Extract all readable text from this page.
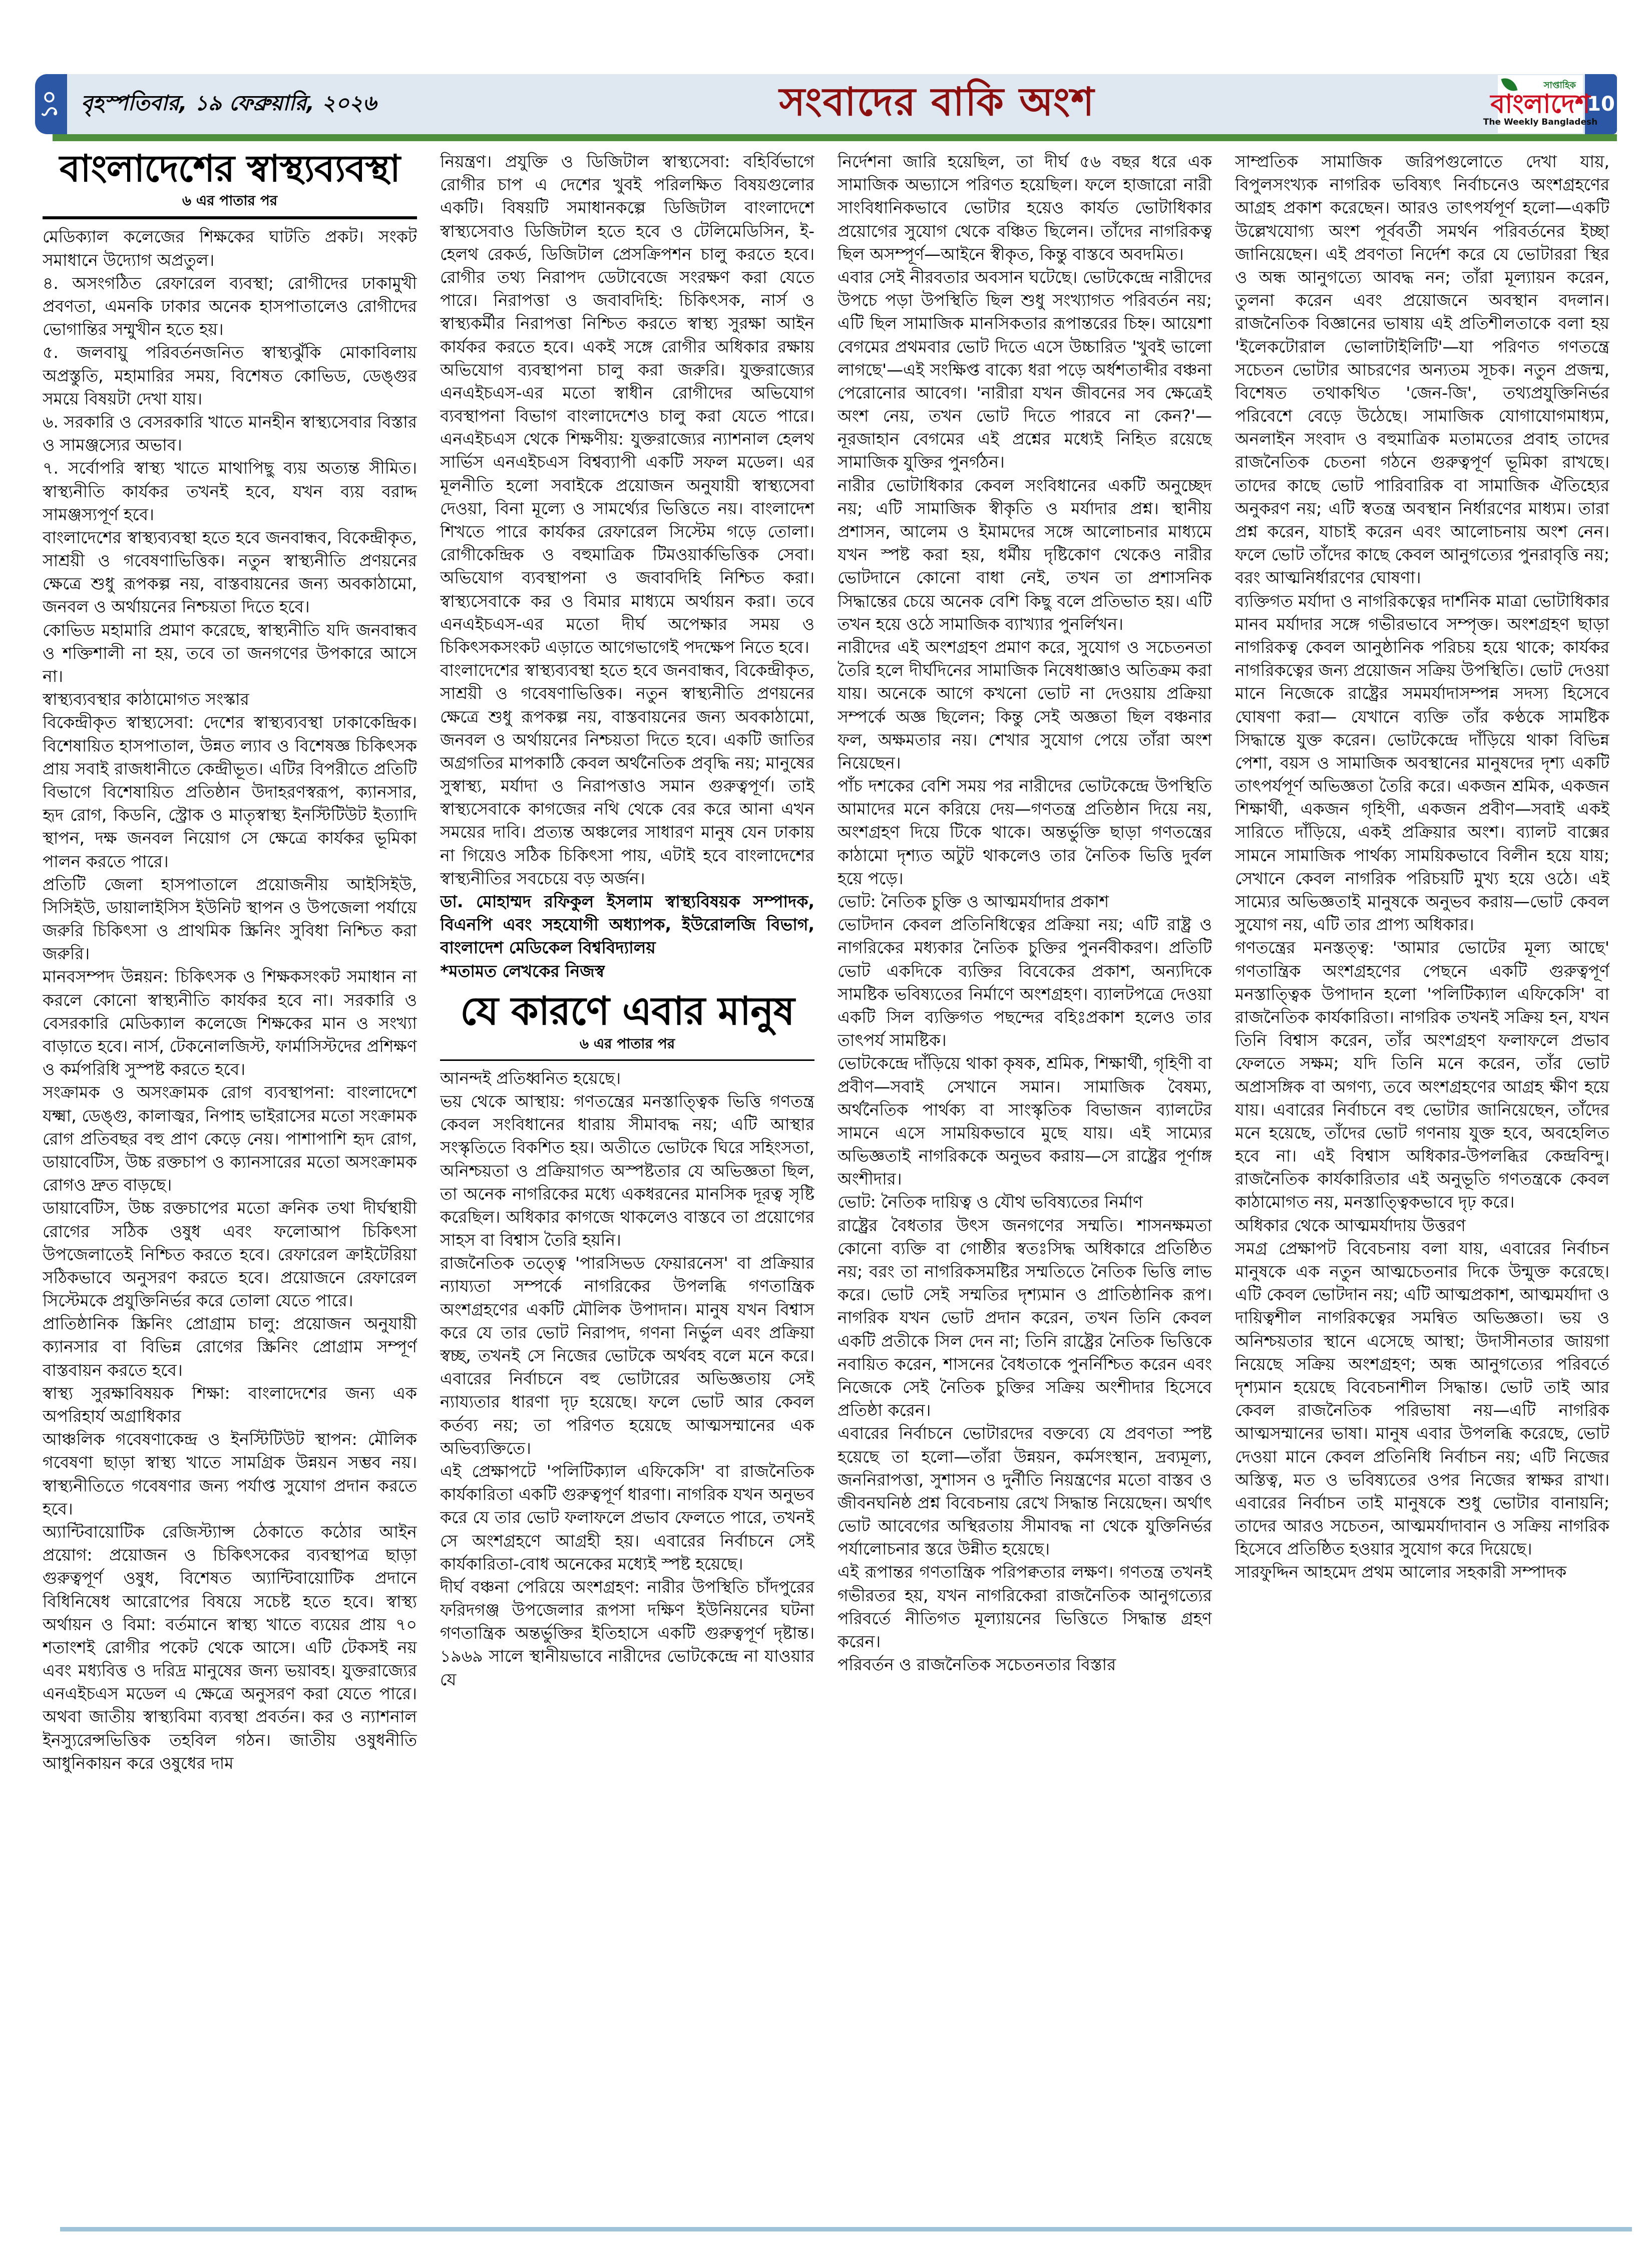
১০ বৃহস্পতিবার, ১৯ ফেব্রুয়ারি, ২০২৬	সংবাদের বাকি অংশ	সাপ্তাহিক
বাংলাদেশ
The Weekly Bangladesh
10
বাংলাদেশের স্বাস্থ্যব্যবস্থা
৬ এর পাতার পর

মেডিক্যাল কলেজের শিক্ষকের ঘাটতি প্রকট। সংকট সমাধানে উদ্যোগ অপ্রতুল।

৪. অসংগঠিত রেফারেল ব্যবস্থা; রোগীদের ঢাকামুখী প্রবণতা, এমনকি ঢাকার অনেক হাসপাতালেও রোগীদের ভোগান্তির সম্মুখীন হতে হয়।

৫. জলবায়ু পরিবর্তনজনিত স্বাস্থ্যঝুঁকি মোকাবিলায় অপ্রস্তুতি, মহামারির সময়, বিশেষত কোভিড, ডেঙ্গুর সময়ে বিষয়টা দেখা যায়।

৬. সরকারি ও বেসরকারি খাতে মানহীন স্বাস্থ্যসেবার বিস্তার ও সামঞ্জস্যের অভাব।

৭. সর্বোপরি স্বাস্থ্য খাতে মাথাপিছু ব্যয় অত্যন্ত সীমিত। স্বাস্থ্যনীতি কার্যকর তখনই হবে, যখন ব্যয় বরাদ্দ সামঞ্জস্যপূর্ণ হবে।

বাংলাদেশের স্বাস্থ্যব্যবস্থা হতে হবে জনবান্ধব, বিকেন্দ্রীকৃত, সাশ্রয়ী ও গবেষণাভিত্তিক। নতুন স্বাস্থ্যনীতি প্রণয়নের ক্ষেত্রে শুধু রূপকল্প নয়, বাস্তবায়নের জন্য অবকাঠামো, জনবল ও অর্থায়নের নিশ্চয়তা দিতে হবে।

কোভিড মহামারি প্রমাণ করেছে, স্বাস্থ্যনীতি যদি জনবান্ধব ও শক্তিশালী না হয়, তবে তা জনগণের উপকারে আসে না।

স্বাস্থ্যব্যবস্থার কাঠামোগত সংস্কার

বিকেন্দ্রীকৃত স্বাস্থ্যসেবা: দেশের স্বাস্থ্যব্যবস্থা ঢাকাকেন্দ্রিক। বিশেষায়িত হাসপাতাল, উন্নত ল্যাব ও বিশেষজ্ঞ চিকিৎসক প্রায় সবাই রাজধানীতে কেন্দ্রীভূত। এটির বিপরীতে প্রতিটি বিভাগে বিশেষায়িত প্রতিষ্ঠান উদাহরণস্বরূপ, ক্যানসার, হৃদ রোগ, কিডনি, স্ট্রোক ও মাতৃস্বাস্থ্য ইনস্টিটিউট ইত্যাদি স্থাপন, দক্ষ জনবল নিয়োগ সে ক্ষেত্রে কার্যকর ভূমিকা পালন করতে পারে।

প্রতিটি জেলা হাসপাতালে প্রয়োজনীয় আইসিইউ, সিসিইউ, ডায়ালাইসিস ইউনিট স্থাপন ও উপজেলা পর্যায়ে জরুরি চিকিৎসা ও প্রাথমিক স্ক্রিনিং সুবিধা নিশ্চিত করা জরুরি।

মানবসম্পদ উন্নয়ন: চিকিৎসক ও শিক্ষকসংকট সমাধান না করলে কোনো স্বাস্থ্যনীতি কার্যকর হবে না। সরকারি ও বেসরকারি মেডিক্যাল কলেজে শিক্ষকের মান ও সংখ্যা বাড়াতে হবে। নার্স, টেকনোলজিস্ট, ফার্মাসিস্টদের প্রশিক্ষণ ও কর্মপরিধি সুস্পষ্ট করতে হবে।

সংক্রামক ও অসংক্রামক রোগ ব্যবস্থাপনা: বাংলাদেশে যক্ষ্মা, ডেঙ্গু, কালাজ্বর, নিপাহ ভাইরাসের মতো সংক্রামক রোগ প্রতিবছর বহু প্রাণ কেড়ে নেয়। পাশাপাশি হৃদ রোগ, ডায়াবেটিস, উচ্চ রক্তচাপ ও ক্যানসারের মতো অসংক্রামক রোগও দ্রুত বাড়ছে।

ডায়াবেটিস, উচ্চ রক্তচাপের মতো ক্রনিক তথা দীর্ঘস্থায়ী রোগের সঠিক ওষুধ এবং ফলোআপ চিকিৎসা উপজেলাতেই নিশ্চিত করতে হবে। রেফারেল ক্রাইটেরিয়া সঠিকভাবে অনুসরণ করতে হবে। প্রয়োজনে রেফারেল সিস্টেমকে প্রযুক্তিনির্ভর করে তোলা যেতে পারে।

প্রাতিষ্ঠানিক স্ক্রিনিং প্রোগ্রাম চালু: প্রয়োজন অনুযায়ী ক্যানসার বা বিভিন্ন রোগের স্ক্রিনিং প্রোগ্রাম সম্পূর্ণ বাস্তবায়ন করতে হবে।

স্বাস্থ্য সুরক্ষাবিষয়ক শিক্ষা: বাংলাদেশের জন্য এক অপরিহার্য অগ্রাধিকার

আঞ্চলিক গবেষণাকেন্দ্র ও ইনস্টিটিউট স্থাপন: মৌলিক গবেষণা ছাড়া স্বাস্থ্য খাতে সামগ্রিক উন্নয়ন সম্ভব নয়। স্বাস্থ্যনীতিতে গবেষণার জন্য পর্যাপ্ত সুযোগ প্রদান করতে হবে।

অ্যান্টিবায়োটিক রেজিস্ট্যান্স ঠেকাতে কঠোর আইন প্রয়োগ: প্রয়োজন ও চিকিৎসকের ব্যবস্থাপত্র ছাড়া গুরুত্বপূর্ণ ওষুধ, বিশেষত অ্যান্টিবায়োটিক প্রদানে বিধিনিষেধ আরোপের বিষয়ে সচেষ্ট হতে হবে। স্বাস্থ্য অর্থায়ন ও বিমা: বর্তমানে স্বাস্থ্য খাতে ব্যয়ের প্রায় ৭০ শতাংশই রোগীর পকেট থেকে আসে। এটি টেকসই নয় এবং মধ্যবিত্ত ও দরিদ্র মানুষের জন্য ভয়াবহ। যুক্তরাজ্যের এনএইচএস মডেল এ ক্ষেত্রে অনুসরণ করা যেতে পারে। অথবা জাতীয় স্বাস্থ্যবিমা ব্যবস্থা প্রবর্তন। কর ও ন্যাশনাল ইনস্যুরেন্সভিত্তিক তহবিল গঠন। জাতীয় ওষুধনীতি আধুনিকায়ন করে ওষুধের দাম

নিয়ন্ত্রণ। প্রযুক্তি ও ডিজিটাল স্বাস্থ্যসেবা: বহির্বিভাগে রোগীর চাপ এ দেশের খুবই পরিলক্ষিত বিষয়গুলোর একটি। বিষয়টি সমাধানকল্পে ডিজিটাল বাংলাদেশে স্বাস্থ্যসেবাও ডিজিটাল হতে হবে ও টেলিমেডিসিন, ই-হেলথ রেকর্ড, ডিজিটাল প্রেসক্রিপশন চালু করতে হবে। রোগীর তথ্য নিরাপদ ডেটাবেজে সংরক্ষণ করা যেতে পারে। নিরাপত্তা ও জবাবদিহি: চিকিৎসক, নার্স ও স্বাস্থ্যকর্মীর নিরাপত্তা নিশ্চিত করতে স্বাস্থ্য সুরক্ষা আইন কার্যকর করতে হবে। একই সঙ্গে রোগীর অধিকার রক্ষায় অভিযোগ ব্যবস্থাপনা চালু করা জরুরি। যুক্তরাজ্যের এনএইচএস-এর মতো স্বাধীন রোগীদের অভিযোগ ব্যবস্থাপনা বিভাগ বাংলাদেশেও চালু করা যেতে পারে। এনএইচএস থেকে শিক্ষণীয়: যুক্তরাজ্যের ন্যাশনাল হেলথ সার্ভিস এনএইচএস বিশ্বব্যাপী একটি সফল মডেল। এর মূলনীতি হলো সবাইকে প্রয়োজন অনুযায়ী স্বাস্থ্যসেবা দেওয়া, বিনা মূল্যে ও সামর্থ্যের ভিত্তিতে নয়। বাংলাদেশ শিখতে পারে কার্যকর রেফারেল সিস্টেম গড়ে তোলা। রোগীকেন্দ্রিক ও বহুমাত্রিক টিমওয়ার্কভিত্তিক সেবা। অভিযোগ ব্যবস্থাপনা ও জবাবদিহি নিশ্চিত করা। স্বাস্থ্যসেবাকে কর ও বিমার মাধ্যমে অর্থায়ন করা। তবে এনএইচএস-এর মতো দীর্ঘ অপেক্ষার সময় ও চিকিৎসকসংকট এড়াতে আগেভাগেই পদক্ষেপ নিতে হবে।

বাংলাদেশের স্বাস্থ্যব্যবস্থা হতে হবে জনবান্ধব, বিকেন্দ্রীকৃত, সাশ্রয়ী ও গবেষণাভিত্তিক। নতুন স্বাস্থ্যনীতি প্রণয়নের ক্ষেত্রে শুধু রূপকল্প নয়, বাস্তবায়নের জন্য অবকাঠামো, জনবল ও অর্থায়নের নিশ্চয়তা দিতে হবে। একটি জাতির অগ্রগতির মাপকাঠি কেবল অর্থনৈতিক প্রবৃদ্ধি নয়; মানুষের সুস্বাস্থ্য, মর্যাদা ও নিরাপত্তাও সমান গুরুত্বপূর্ণ। তাই স্বাস্থ্যসেবাকে কাগজের নথি থেকে বের করে আনা এখন সময়ের দাবি। প্রত্যন্ত অঞ্চলের সাধারণ মানুষ যেন ঢাকায় না গিয়েও সঠিক চিকিৎসা পায়, এটাই হবে বাংলাদেশের স্বাস্থ্যনীতির সবচেয়ে বড় অর্জন।

ডা. মোহাম্মদ রফিকুল ইসলাম স্বাস্থ্যবিষয়ক সম্পাদক, বিএনপি এবং সহযোগী অধ্যাপক, ইউরোলজি বিভাগ, বাংলাদেশ মেডিকেল বিশ্ববিদ্যালয়

*মতামত লেখকের নিজস্ব

যে কারণে এবার মানুষ
৬ এর পাতার পর

আনন্দই প্রতিধ্বনিত হয়েছে।

ভয় থেকে আস্থায়: গণতন্ত্রের মনস্তাত্ত্বিক ভিত্তি গণতন্ত্র কেবল সংবিধানের ধারায় সীমাবদ্ধ নয়; এটি আস্থার সংস্কৃতিতে বিকশিত হয়। অতীতে ভোটকে ঘিরে সহিংসতা, অনিশ্চয়তা ও প্রক্রিয়াগত অস্পষ্টতার যে অভিজ্ঞতা ছিল, তা অনেক নাগরিকের মধ্যে একধরনের মানসিক দূরত্ব সৃষ্টি করেছিল। অধিকার কাগজে থাকলেও বাস্তবে তা প্রয়োগের সাহস বা বিশ্বাস তৈরি হয়নি।

রাজনৈতিক তত্ত্বে 'পারসিভড ফেয়ারনেস' বা প্রক্রিয়ার ন্যায্যতা সম্পর্কে নাগরিকের উপলব্ধি গণতান্ত্রিক অংশগ্রহণের একটি মৌলিক উপাদান। মানুষ যখন বিশ্বাস করে যে তার ভোট নিরাপদ, গণনা নির্ভুল এবং প্রক্রিয়া স্বচ্ছ, তখনই সে নিজের ভোটকে অর্থবহ বলে মনে করে। এবারের নির্বাচনে বহু ভোটারের অভিজ্ঞতায় সেই ন্যায্যতার ধারণা দৃঢ় হয়েছে। ফলে ভোট আর কেবল কর্তব্য নয়; তা পরিণত হয়েছে আত্মসম্মানের এক অভিব্যক্তিতে।

এই প্রেক্ষাপটে 'পলিটিক্যাল এফিকেসি' বা রাজনৈতিক কার্যকারিতা একটি গুরুত্বপূর্ণ ধারণা। নাগরিক যখন অনুভব করে যে তার ভোট ফলাফলে প্রভাব ফেলতে পারে, তখনই সে অংশগ্রহণে আগ্রহী হয়। এবারের নির্বাচনে সেই কার্যকারিতা-বোধ অনেকের মধ্যেই স্পষ্ট হয়েছে।

দীর্ঘ বঞ্চনা পেরিয়ে অংশগ্রহণ: নারীর উপস্থিতি চাঁদপুরের ফরিদগঞ্জ উপজেলার রূপসা দক্ষিণ ইউনিয়নের ঘটনা গণতান্ত্রিক অন্তর্ভুক্তির ইতিহাসে একটি গুরুত্বপূর্ণ দৃষ্টান্ত। ১৯৬৯ সালে স্থানীয়ভাবে নারীদের ভোটকেন্দ্রে না যাওয়ার যে

নির্দেশনা জারি হয়েছিল, তা দীর্ঘ ৫৬ বছর ধরে এক সামাজিক অভ্যাসে পরিণত হয়েছিল। ফলে হাজারো নারী সাংবিধানিকভাবে ভোটার হয়েও কার্যত ভোটাধিকার প্রয়োগের সুযোগ থেকে বঞ্চিত ছিলেন। তাঁদের নাগরিকত্ব ছিল অসম্পূর্ণ—আইনে স্বীকৃত, কিন্তু বাস্তবে অবদমিত।

এবার সেই নীরবতার অবসান ঘটেছে। ভোটকেন্দ্রে নারীদের উপচে পড়া উপস্থিতি ছিল শুধু সংখ্যাগত পরিবর্তন নয়; এটি ছিল সামাজিক মানসিকতার রূপান্তরের চিহ্ন। আয়েশা বেগমের প্রথমবার ভোট দিতে এসে উচ্চারিত 'খুবই ভালো লাগছে'—এই সংক্ষিপ্ত বাক্যে ধরা পড়ে অর্ধশতাব্দীর বঞ্চনা পেরোনোর আবেগ। 'নারীরা যখন জীবনের সব ক্ষেত্রেই অংশ নেয়, তখন ভোট দিতে পারবে না কেন?'— নূরজাহান বেগমের এই প্রশ্নের মধ্যেই নিহিত রয়েছে সামাজিক যুক্তির পুনর্গঠন।

নারীর ভোটাধিকার কেবল সংবিধানের একটি অনুচ্ছেদ নয়; এটি সামাজিক স্বীকৃতি ও মর্যাদার প্রশ্ন। স্থানীয় প্রশাসন, আলেম ও ইমামদের সঙ্গে আলোচনার মাধ্যমে যখন স্পষ্ট করা হয়, ধর্মীয় দৃষ্টিকোণ থেকেও নারীর ভোটদানে কোনো বাধা নেই, তখন তা প্রশাসনিক সিদ্ধান্তের চেয়ে অনেক বেশি কিছু বলে প্রতিভাত হয়। এটি তখন হয়ে ওঠে সামাজিক ব্যাখ্যার পুনর্লিখন।

নারীদের এই অংশগ্রহণ প্রমাণ করে, সুযোগ ও সচেতনতা তৈরি হলে দীর্ঘদিনের সামাজিক নিষেধাজ্ঞাও অতিক্রম করা যায়। অনেকে আগে কখনো ভোট না দেওয়ায় প্রক্রিয়া সম্পর্কে অজ্ঞ ছিলেন; কিন্তু সেই অজ্ঞতা ছিল বঞ্চনার ফল, অক্ষমতার নয়। শেখার সুযোগ পেয়ে তাঁরা অংশ নিয়েছেন।

পাঁচ দশকের বেশি সময় পর নারীদের ভোটকেন্দ্রে উপস্থিতি আমাদের মনে করিয়ে দেয়—গণতন্ত্র প্রতিষ্ঠান দিয়ে নয়, অংশগ্রহণ দিয়ে টিকে থাকে। অন্তর্ভুক্তি ছাড়া গণতন্ত্রের কাঠামো দৃশ্যত অটুট থাকলেও তার নৈতিক ভিত্তি দুর্বল হয়ে পড়ে।

ভোট: নৈতিক চুক্তি ও আত্মমর্যাদার প্রকাশ

ভোটদান কেবল প্রতিনিধিত্বের প্রক্রিয়া নয়; এটি রাষ্ট্র ও নাগরিকের মধ্যকার নৈতিক চুক্তির পুনর্নবীকরণ। প্রতিটি ভোট একদিকে ব্যক্তির বিবেকের প্রকাশ, অন্যদিকে সামষ্টিক ভবিষ্যতের নির্মাণে অংশগ্রহণ। ব্যালটপত্রে দেওয়া একটি সিল ব্যক্তিগত পছন্দের বহিঃপ্রকাশ হলেও তার তাৎপর্য সামষ্টিক।

ভোটকেন্দ্রে দাঁড়িয়ে থাকা কৃষক, শ্রমিক, শিক্ষার্থী, গৃহিণী বা প্রবীণ—সবাই সেখানে সমান। সামাজিক বৈষম্য, অর্থনৈতিক পার্থক্য বা সাংস্কৃতিক বিভাজন ব্যালটের সামনে এসে সাময়িকভাবে মুছে যায়। এই সাম্যের অভিজ্ঞতাই নাগরিককে অনুভব করায়—সে রাষ্ট্রের পূর্ণাঙ্গ অংশীদার।

ভোট: নৈতিক দায়িত্ব ও যৌথ ভবিষ্যতের নির্মাণ

রাষ্ট্রের বৈধতার উৎস জনগণের সম্মতি। শাসনক্ষমতা কোনো ব্যক্তি বা গোষ্ঠীর স্বতঃসিদ্ধ অধিকারে প্রতিষ্ঠিত নয়; বরং তা নাগরিকসমষ্টির সম্মতিতে নৈতিক ভিত্তি লাভ করে। ভোট সেই সম্মতির দৃশ্যমান ও প্রাতিষ্ঠানিক রূপ। নাগরিক যখন ভোট প্রদান করেন, তখন তিনি কেবল একটি প্রতীকে সিল দেন না; তিনি রাষ্ট্রের নৈতিক ভিত্তিকে নবায়িত করেন, শাসনের বৈধতাকে পুনর্নিশ্চিত করেন এবং নিজেকে সেই নৈতিক চুক্তির সক্রিয় অংশীদার হিসেবে প্রতিষ্ঠা করেন।

এবারের নির্বাচনে ভোটারদের বক্তব্যে যে প্রবণতা স্পষ্ট হয়েছে তা হলো—তাঁরা উন্নয়ন, কর্মসংস্থান, দ্রব্যমূল্য, জননিরাপত্তা, সুশাসন ও দুর্নীতি নিয়ন্ত্রণের মতো বাস্তব ও জীবনঘনিষ্ঠ প্রশ্ন বিবেচনায় রেখে সিদ্ধান্ত নিয়েছেন। অর্থাৎ ভোট আবেগের অস্থিরতায় সীমাবদ্ধ না থেকে যুক্তিনির্ভর পর্যালোচনার স্তরে উন্নীত হয়েছে।

এই রূপান্তর গণতান্ত্রিক পরিপক্বতার লক্ষণ। গণতন্ত্র তখনই গভীরতর হয়, যখন নাগরিকেরা রাজনৈতিক আনুগত্যের পরিবর্তে নীতিগত মূল্যায়নের ভিত্তিতে সিদ্ধান্ত গ্রহণ করেন।

পরিবর্তন ও রাজনৈতিক সচেতনতার বিস্তার

সাম্প্রতিক সামাজিক জরিপগুলোতে দেখা যায়, বিপুলসংখ্যক নাগরিক ভবিষ্যৎ নির্বাচনেও অংশগ্রহণের আগ্রহ প্রকাশ করেছেন। আরও তাৎপর্যপূর্ণ হলো—একটি উল্লেখযোগ্য অংশ পূর্ববর্তী সমর্থন পরিবর্তনের ইচ্ছা জানিয়েছেন। এই প্রবণতা নির্দেশ করে যে ভোটাররা স্থির ও অন্ধ আনুগত্যে আবদ্ধ নন; তাঁরা মূল্যায়ন করেন, তুলনা করেন এবং প্রয়োজনে অবস্থান বদলান। রাজনৈতিক বিজ্ঞানের ভাষায় এই প্রতিশীলতাকে বলা হয় 'ইলেকটোরাল ভোলাটাইলিটি'—যা পরিণত গণতন্ত্রে সচেতন ভোটার আচরণের অন্যতম সূচক। নতুন প্রজন্ম, বিশেষত তথাকথিত 'জেন-জি', তথ্যপ্রযুক্তিনির্ভর পরিবেশে বেড়ে উঠেছে। সামাজিক যোগাযোগমাধ্যম, অনলাইন সংবাদ ও বহুমাত্রিক মতামতের প্রবাহ তাদের রাজনৈতিক চেতনা গঠনে গুরুত্বপূর্ণ ভূমিকা রাখছে। তাদের কাছে ভোট পারিবারিক বা সামাজিক ঐতিহ্যের অনুকরণ নয়; এটি স্বতন্ত্র অবস্থান নির্ধারণের মাধ্যম। তারা প্রশ্ন করেন, যাচাই করেন এবং আলোচনায় অংশ নেন। ফলে ভোট তাঁদের কাছে কেবল আনুগত্যের পুনরাবৃত্তি নয়; বরং আত্মনির্ধারণের ঘোষণা।

ব্যক্তিগত মর্যাদা ও নাগরিকত্বের দার্শনিক মাত্রা ভোটাধিকার মানব মর্যাদার সঙ্গে গভীরভাবে সম্পৃক্ত। অংশগ্রহণ ছাড়া নাগরিকত্ব কেবল আনুষ্ঠানিক পরিচয় হয়ে থাকে; কার্যকর নাগরিকত্বের জন্য প্রয়োজন সক্রিয় উপস্থিতি। ভোট দেওয়া মানে নিজেকে রাষ্ট্রের সমমর্যাদাসম্পন্ন সদস্য হিসেবে ঘোষণা করা— যেখানে ব্যক্তি তাঁর কণ্ঠকে সামষ্টিক সিদ্ধান্তে যুক্ত করেন। ভোটকেন্দ্রে দাঁড়িয়ে থাকা বিভিন্ন পেশা, বয়স ও সামাজিক অবস্থানের মানুষদের দৃশ্য একটি তাৎপর্যপূর্ণ অভিজ্ঞতা তৈরি করে। একজন শ্রমিক, একজন শিক্ষার্থী, একজন গৃহিণী, একজন প্রবীণ—সবাই একই সারিতে দাঁড়িয়ে, একই প্রক্রিয়ার অংশ। ব্যালট বাক্সের সামনে সামাজিক পার্থক্য সাময়িকভাবে বিলীন হয়ে যায়; সেখানে কেবল নাগরিক পরিচয়টি মুখ্য হয়ে ওঠে। এই সাম্যের অভিজ্ঞতাই মানুষকে অনুভব করায়—ভোট কেবল সুযোগ নয়, এটি তার প্রাপ্য অধিকার।

গণতন্ত্রের মনস্তত্ত্ব: 'আমার ভোটের মূল্য আছে' গণতান্ত্রিক অংশগ্রহণের পেছনে একটি গুরুত্বপূর্ণ মনস্তাত্ত্বিক উপাদান হলো 'পলিটিক্যাল এফিকেসি' বা রাজনৈতিক কার্যকারিতা। নাগরিক তখনই সক্রিয় হন, যখন তিনি বিশ্বাস করেন, তাঁর অংশগ্রহণ ফলাফলে প্রভাব ফেলতে সক্ষম; যদি তিনি মনে করেন, তাঁর ভোট অপ্রাসঙ্গিক বা অগণ্য, তবে অংশগ্রহণের আগ্রহ ক্ষীণ হয়ে যায়। এবারের নির্বাচনে বহু ভোটার জানিয়েছেন, তাঁদের মনে হয়েছে, তাঁদের ভোট গণনায় যুক্ত হবে, অবহেলিত হবে না। এই বিশ্বাস অধিকার-উপলব্ধির কেন্দ্রবিন্দু। রাজনৈতিক কার্যকারিতার এই অনুভূতি গণতন্ত্রকে কেবল কাঠামোগত নয়, মনস্তাত্ত্বিকভাবে দৃঢ় করে।

অধিকার থেকে আত্মমর্যাদায় উত্তরণ

সমগ্র প্রেক্ষাপট বিবেচনায় বলা যায়, এবারের নির্বাচন মানুষকে এক নতুন আত্মচেতনার দিকে উন্মুক্ত করেছে। এটি কেবল ভোটদান নয়; এটি আত্মপ্রকাশ, আত্মমর্যাদা ও দায়িত্বশীল নাগরিকত্বের সমন্বিত অভিজ্ঞতা। ভয় ও অনিশ্চয়তার স্থানে এসেছে আস্থা; উদাসীনতার জায়গা নিয়েছে সক্রিয় অংশগ্রহণ; অন্ধ আনুগত্যের পরিবর্তে দৃশ্যমান হয়েছে বিবেচনাশীল সিদ্ধান্ত। ভোট তাই আর কেবল রাজনৈতিক পরিভাষা নয়—এটি নাগরিক আত্মসম্মানের ভাষা। মানুষ এবার উপলব্ধি করেছে, ভোট দেওয়া মানে কেবল প্রতিনিধি নির্বাচন নয়; এটি নিজের অস্তিত্ব, মত ও ভবিষ্যতের ওপর নিজের স্বাক্ষর রাখা। এবারের নির্বাচন তাই মানুষকে শুধু ভোটার বানায়নি; তাদের আরও সচেতন, আত্মমর্যাদাবান ও সক্রিয় নাগরিক হিসেবে প্রতিষ্ঠিত হওয়ার সুযোগ করে দিয়েছে।

সারফুদ্দিন আহমেদ প্রথম আলোর সহকারী সম্পাদক
